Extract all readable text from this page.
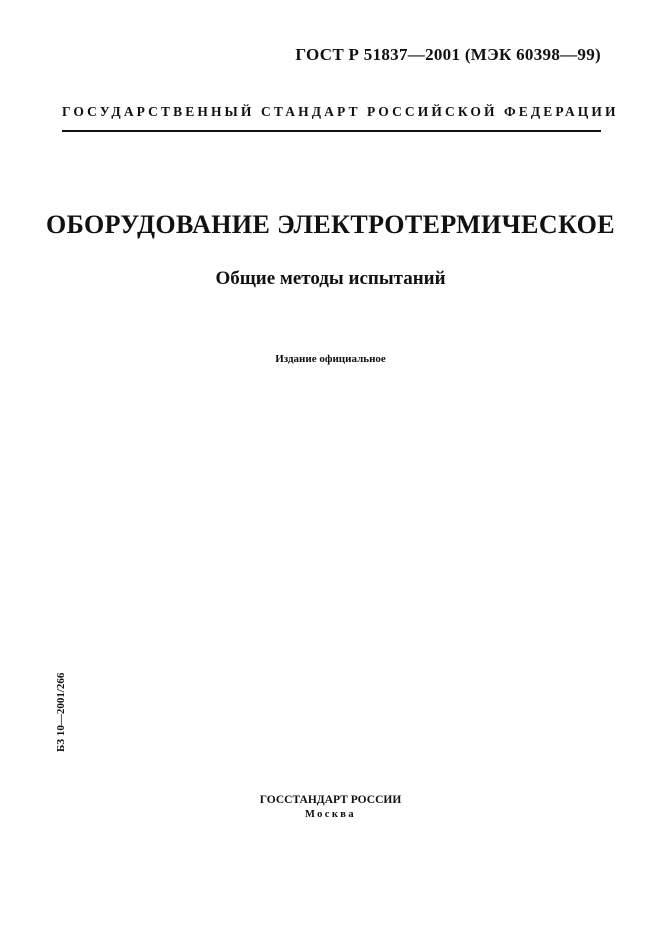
ГОСТ Р 51837—2001 (МЭК 60398—99)
ГОСУДАРСТВЕННЫЙ СТАНДАРТ РОССИЙСКОЙ ФЕДЕРАЦИИ
ОБОРУДОВАНИЕ ЭЛЕКТРОТЕРМИЧЕСКОЕ
Общие методы испытаний
Издание официальное
БЗ 10—2001/266
ГОССТАНДАРТ РОССИИ
Москва
